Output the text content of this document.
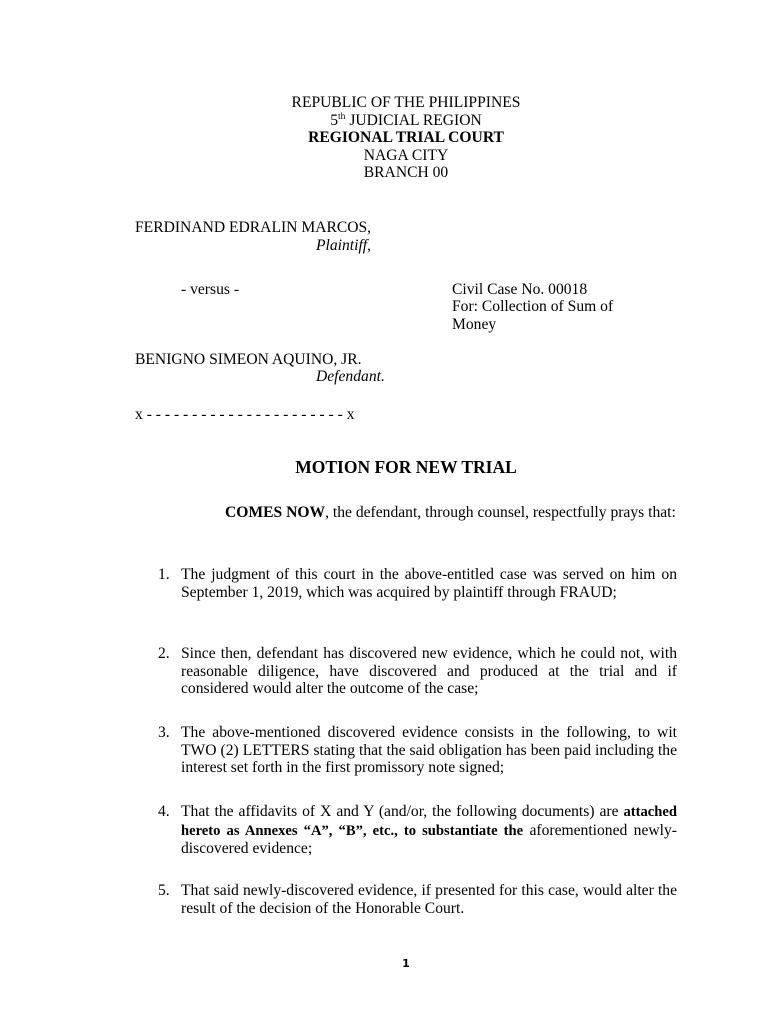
REPUBLIC OF THE PHILIPPINES
5th JUDICIAL REGION
REGIONAL TRIAL COURT
NAGA CITY
BRANCH 00
FERDINAND EDRALIN MARCOS,
Plaintiff,
- versus -	Civil Case No. 00018
For: Collection of Sum of
Money
BENIGNO SIMEON AQUINO, JR.
Defendant.
x - - - - - - - - - - - - - - - - - - - - - - x
MOTION FOR NEW TRIAL
COMES NOW, the defendant, through counsel, respectfully prays that:
1. The judgment of this court in the above-entitled case was served on him on September 1, 2019, which was acquired by plaintiff through FRAUD;
2. Since then, defendant has discovered new evidence, which he could not, with reasonable diligence, have discovered and produced at the trial and if considered would alter the outcome of the case;
3. The above-mentioned discovered evidence consists in the following, to wit TWO (2) LETTERS stating that the said obligation has been paid including the interest set forth in the first promissory note signed;
4. That the affidavits of X and Y (and/or, the following documents) are attached hereto as Annexes “A”, “B”, etc., to substantiate the aforementioned newly-discovered evidence;
5. That said newly-discovered evidence, if presented for this case, would alter the result of the decision of the Honorable Court.
1
